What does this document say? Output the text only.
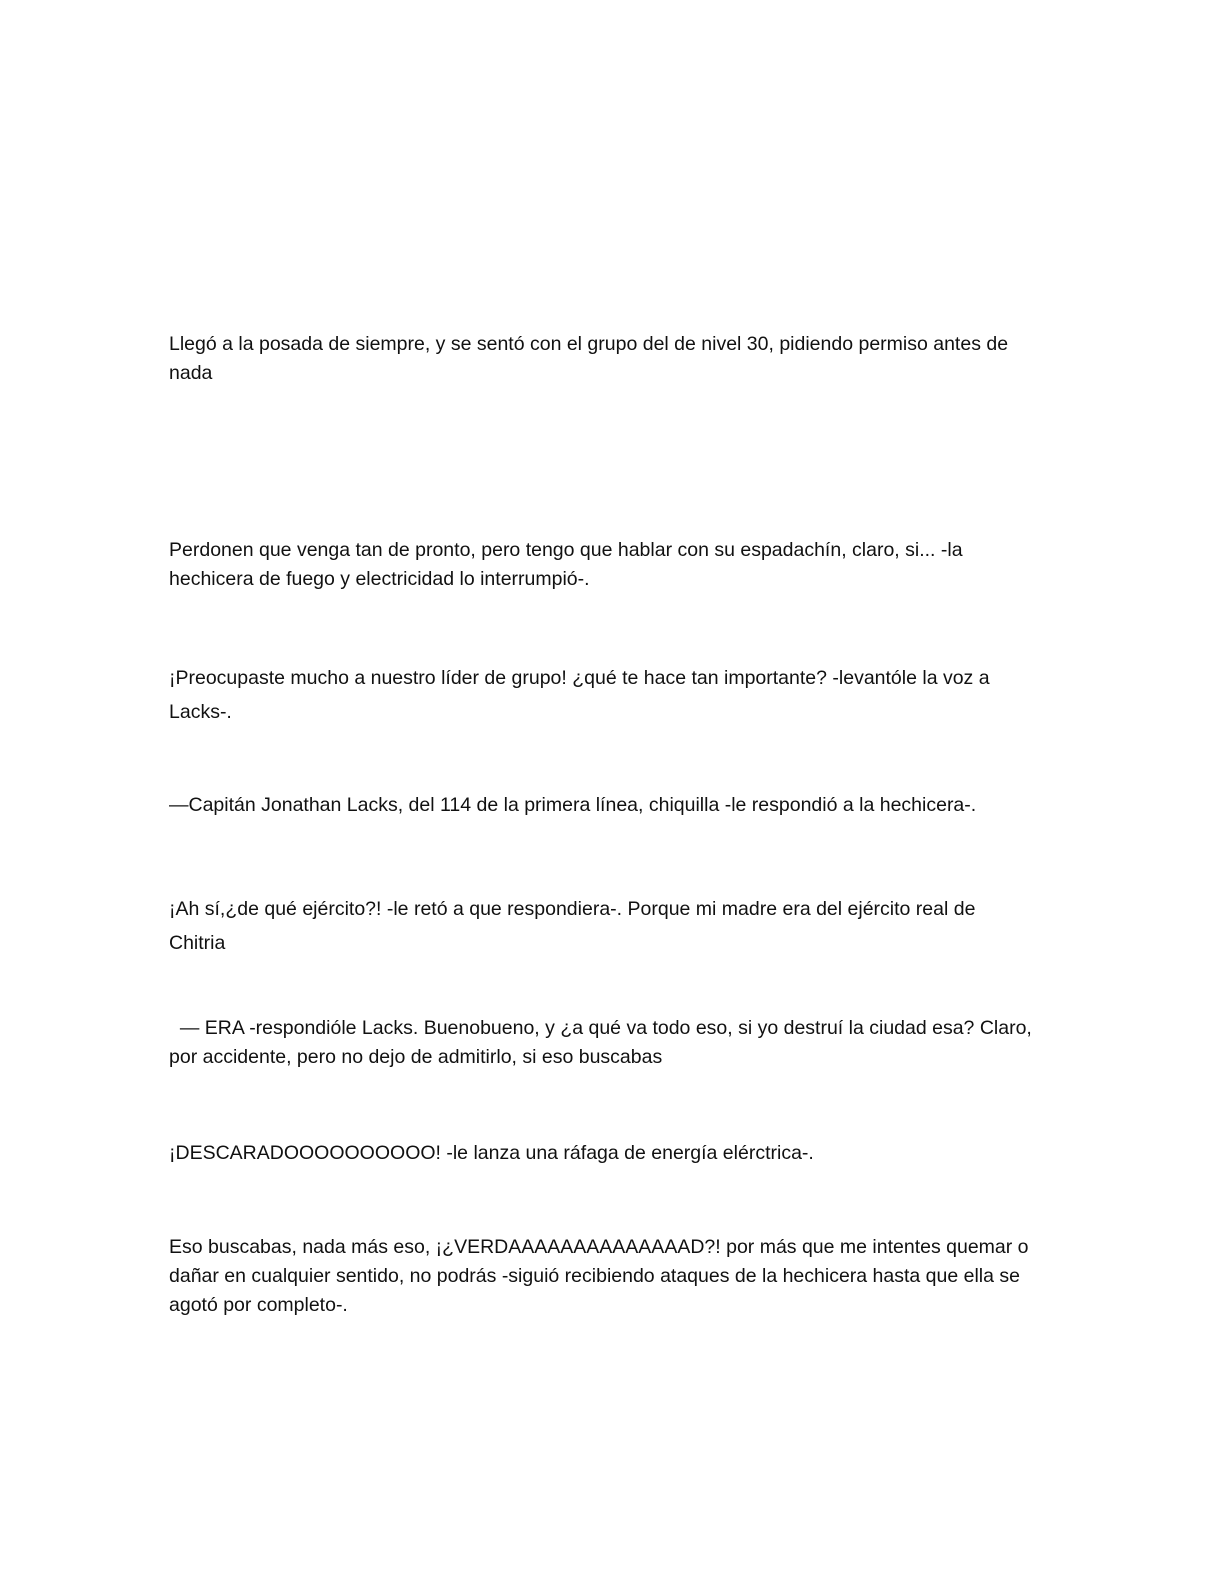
Llegó a la posada de siempre, y se sentó con el grupo del de nivel 30, pidiendo permiso antes de
nada

Perdonen que venga tan de pronto, pero tengo que hablar con su espadachín, claro, si... -la
hechicera de fuego y electricidad lo interrumpió-.

¡Preocupaste mucho a nuestro líder de grupo! ¿qué te hace tan importante? -levantóle la voz a
Lacks-.

—Capitán Jonathan Lacks, del 114 de la primera línea, chiquilla -le respondió a la hechicera-.

¡Ah sí,¿de qué ejército?! -le retó a que respondiera-. Porque mi madre era del ejército real de
Chitria

— ERA -respondióle Lacks. Buenobueno, y ¿a qué va todo eso, si yo destruí la ciudad esa? Claro,
por accidente, pero no dejo de admitirlo, si eso buscabas

¡DESCARADOOOOOOOOOO! -le lanza una ráfaga de energía elérctrica-.

Eso buscabas, nada más eso, ¡¿VERDAAAAAAAAAAAAAAD?! por más que me intentes quemar o
dañar en cualquier sentido, no podrás -siguió recibiendo ataques de la hechicera hasta que ella se
agotó por completo-.
